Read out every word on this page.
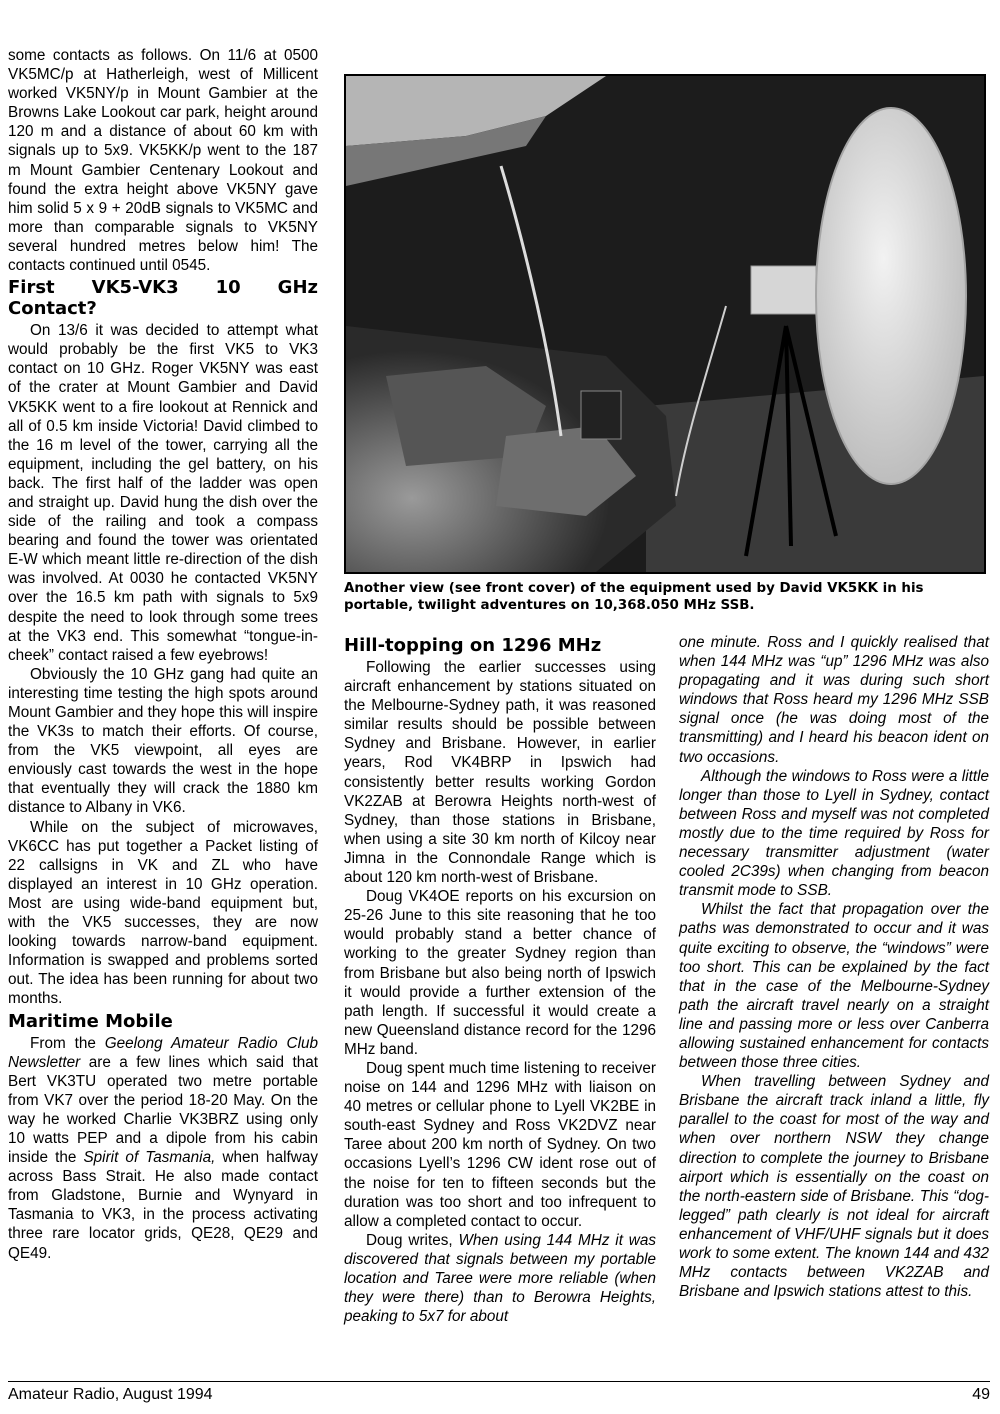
some contacts as follows. On 11/6 at 0500 VK5MC/p at Hatherleigh, west of Millicent worked VK5NY/p in Mount Gambier at the Browns Lake Lookout car park, height around 120 m and a distance of about 60 km with signals up to 5x9. VK5KK/p went to the 187 m Mount Gambier Centenary Lookout and found the extra height above VK5NY gave him solid 5 x 9 + 20dB signals to VK5MC and more than comparable signals to VK5NY several hundred metres below him! The contacts continued until 0545.

First VK5-VK3 10 GHz Contact?

On 13/6 it was decided to attempt what would probably be the first VK5 to VK3 contact on 10 GHz. Roger VK5NY was east of the crater at Mount Gambier and David VK5KK went to a fire lookout at Rennick and all of 0.5 km inside Victoria! David climbed to the 16 m level of the tower, carrying all the equipment, including the gel battery, on his back. The first half of the ladder was open and straight up. David hung the dish over the side of the railing and took a compass bearing and found the tower was orientated E-W which meant little re-direction of the dish was involved. At 0030 he contacted VK5NY over the 16.5 km path with signals to 5x9 despite the need to look through some trees at the VK3 end. This somewhat “tongue-in-cheek” contact raised a few eyebrows!

Obviously the 10 GHz gang had quite an interesting time testing the high spots around Mount Gambier and they hope this will inspire the VK3s to match their efforts. Of course, from the VK5 viewpoint, all eyes are enviously cast towards the west in the hope that eventually they will crack the 1880 km distance to Albany in VK6.

While on the subject of microwaves, VK6CC has put together a Packet listing of 22 callsigns in VK and ZL who have displayed an interest in 10 GHz operation. Most are using wide-band equipment but, with the VK5 successes, they are now looking towards narrow-band equipment. Information is swapped and problems sorted out. The idea has been running for about two months.

Maritime Mobile

From the Geelong Amateur Radio Club Newsletter are a few lines which said that Bert VK3TU operated two metre portable from VK7 over the period 18-20 May. On the way he worked Charlie VK3BRZ using only 10 watts PEP and a dipole from his cabin inside the Spirit of Tasmania, when halfway across Bass Strait. He also made contact from Gladstone, Burnie and Wynyard in Tasmania to VK3, in the process activating three rare locator grids, QE28, QE29 and QE49.

Another view (see front cover) of the equipment used by David VK5KK in his portable, twilight adventures on 10,368.050 MHz SSB.
Hill-topping on 1296 MHz

Following the earlier successes using aircraft enhancement by stations situated on the Melbourne-Sydney path, it was reasoned similar results should be possible between Sydney and Brisbane. However, in earlier years, Rod VK4BRP in Ipswich had consistently better results working Gordon VK2ZAB at Berowra Heights north-west of Sydney, than those stations in Brisbane, when using a site 30 km north of Kilcoy near Jimna in the Connondale Range which is about 120 km north-west of Brisbane.

Doug VK4OE reports on his excursion on 25-26 June to this site reasoning that he too would probably stand a better chance of working to the greater Sydney region than from Brisbane but also being north of Ipswich it would provide a further extension of the path length. If successful it would create a new Queensland distance record for the 1296 MHz band.

Doug spent much time listening to receiver noise on 144 and 1296 MHz with liaison on 40 metres or cellular phone to Lyell VK2BE in south-east Sydney and Ross VK2DVZ near Taree about 200 km north of Sydney. On two occasions Lyell’s 1296 CW ident rose out of the noise for ten to fifteen seconds but the duration was too short and too infrequent to allow a completed contact to occur.

Doug writes, When using 144 MHz it was discovered that signals between my portable location and Taree were more reliable (when they were there) than to Berowra Heights, peaking to 5x7 for about

one minute. Ross and I quickly realised that when 144 MHz was “up” 1296 MHz was also propagating and it was during such short windows that Ross heard my 1296 MHz SSB signal once (he was doing most of the transmitting) and I heard his beacon ident on two occasions.

Although the windows to Ross were a little longer than those to Lyell in Sydney, contact between Ross and myself was not completed mostly due to the time required by Ross for necessary transmitter adjustment (water cooled 2C39s) when changing from beacon transmit mode to SSB.

Whilst the fact that propagation over the paths was demonstrated to occur and it was quite exciting to observe, the “windows” were too short. This can be explained by the fact that in the case of the Melbourne-Sydney path the aircraft travel nearly on a straight line and passing more or less over Canberra allowing sustained enhancement for contacts between those three cities.

When travelling between Sydney and Brisbane the aircraft track inland a little, fly parallel to the coast for most of the way and when over northern NSW they change direction to complete the journey to Brisbane airport which is essentially on the coast on the north-eastern side of Brisbane. This “dog-legged” path clearly is not ideal for aircraft enhancement of VHF/UHF signals but it does work to some extent. The known 144 and 432 MHz contacts between VK2ZAB and Brisbane and Ipswich stations attest to this.

Amateur Radio, August 1994	49
